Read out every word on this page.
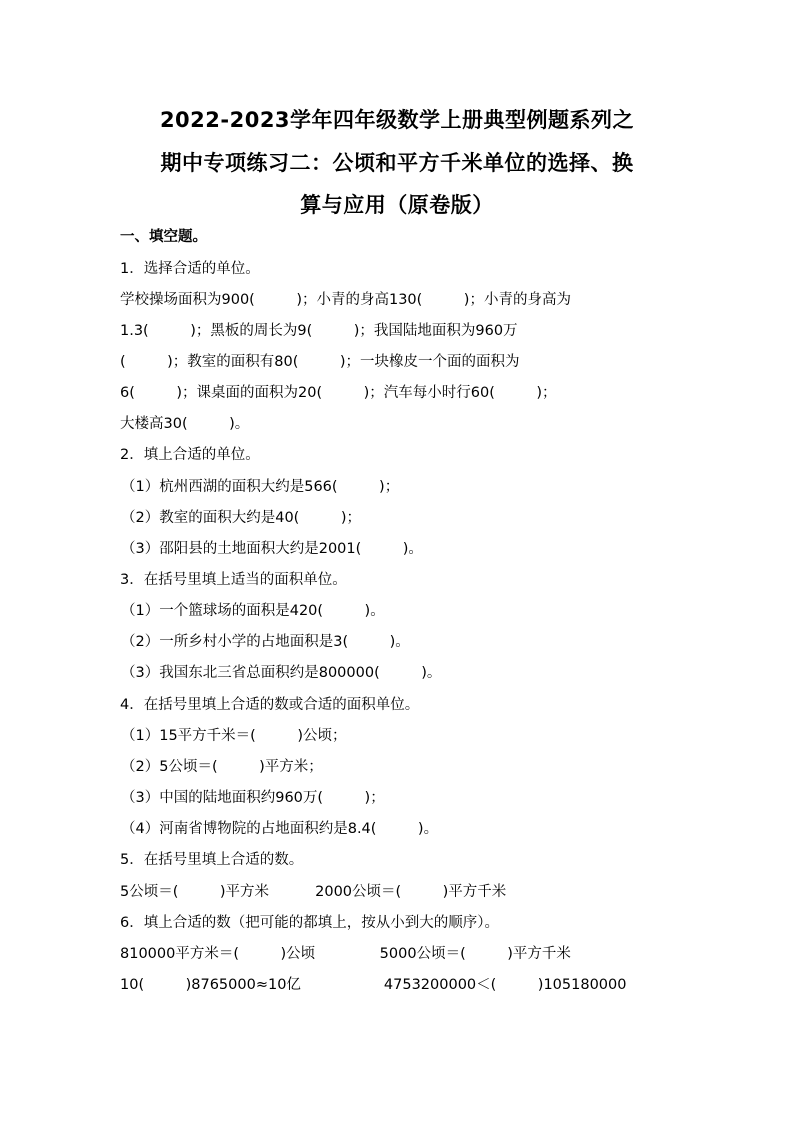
2022-2023学年四年级数学上册典型例题系列之
期中专项练习二：公顷和平方千米单位的选择、换
算与应用（原卷版）
一、填空题。
1．选择合适的单位。
学校操场面积为900(         )；小青的身高130(         )；小青的身高为
1.3(         )；黑板的周长为9(         )；我国陆地面积为960万
(         )；教室的面积有80(         )；一块橡皮一个面的面积为
6(         )；课桌面的面积为20(         )；汽车每小时行60(         )；
大楼高30(         )。
2．填上合适的单位。
（1）杭州西湖的面积大约是566(         )；
（2）教室的面积大约是40(         )；
（3）邵阳县的土地面积大约是2001(         )。
3．在括号里填上适当的面积单位。
（1）一个篮球场的面积是420(         )。
（2）一所乡村小学的占地面积是3(         )。
（3）我国东北三省总面积约是800000(         )。
4．在括号里填上合适的数或合适的面积单位。
（1）15平方千米＝(         )公顷；
（2）5公顷＝(         )平方米；
（3）中国的陆地面积约960万(         )；
（4）河南省博物院的占地面积约是8.4(         )。
5．在括号里填上合适的数。
5公顷＝(         )平方米          2000公顷＝(         )平方千米
6．填上合适的数（把可能的都填上，按从小到大的顺序）。
810000平方米＝(         )公顷              5000公顷＝(         )平方千米
10(         )8765000≈10亿                  4753200000＜(         )105180000
